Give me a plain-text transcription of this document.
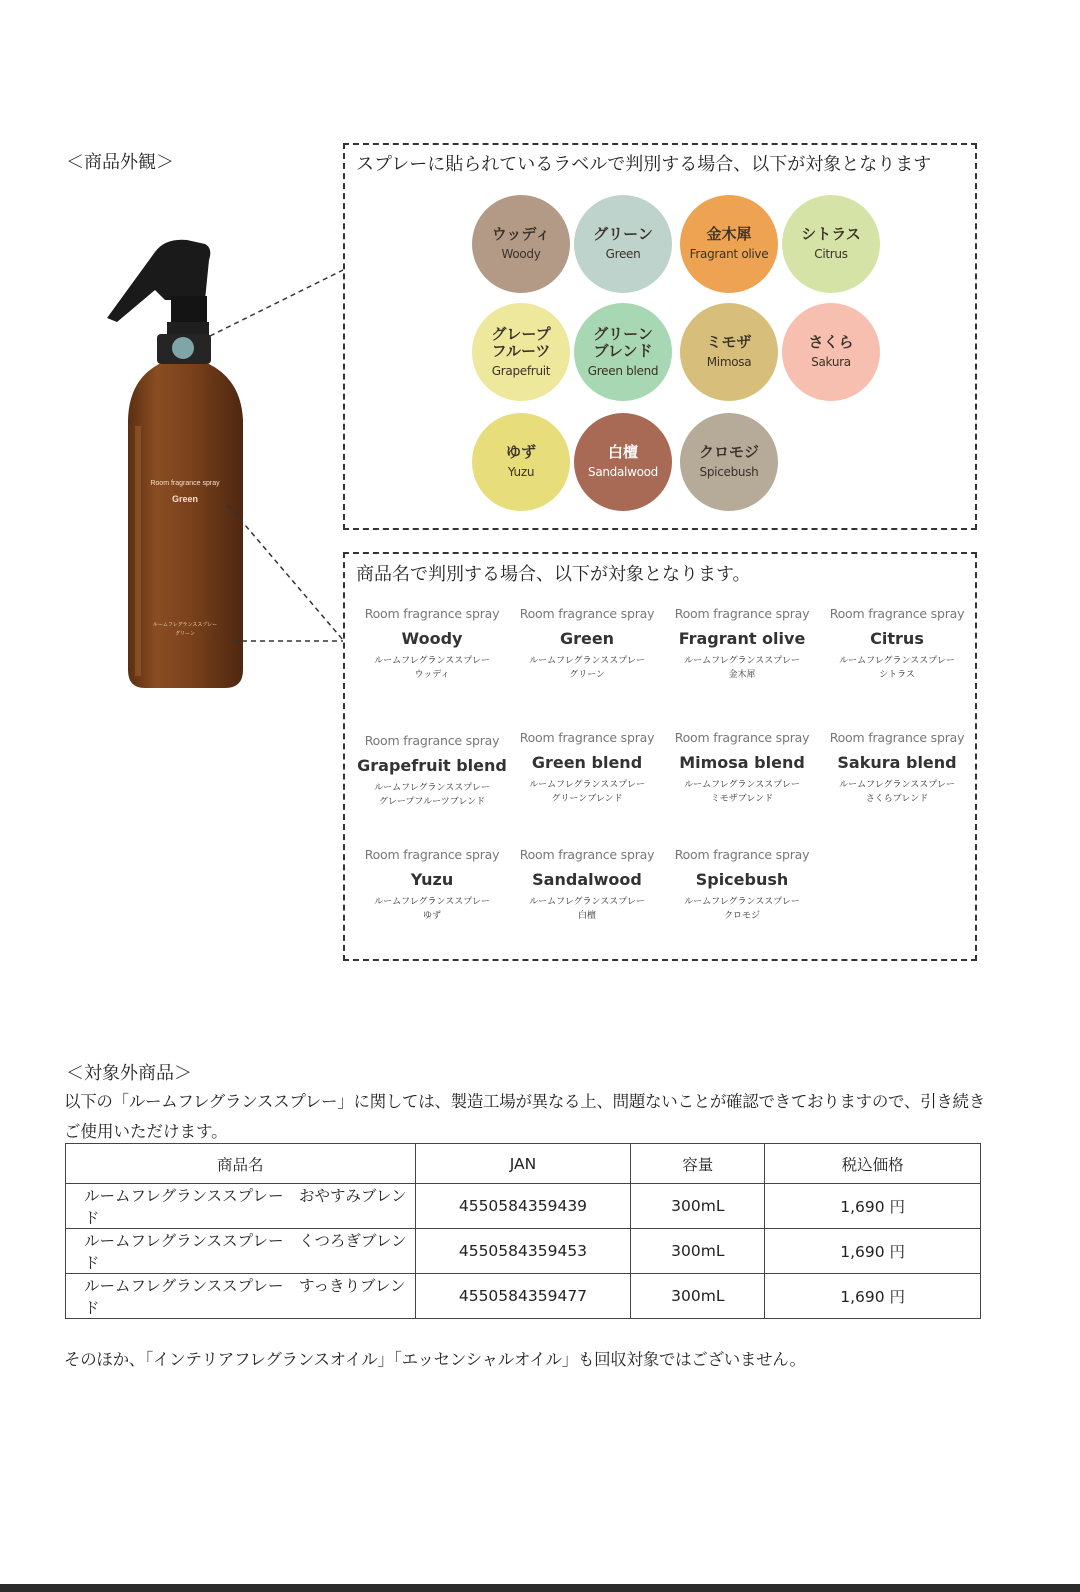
＜商品外観＞
Room fragrance spray
Green
ルームフレグランススプレー
グリーン
スプレーに貼られているラベルで判別する場合、以下が対象となります
ウッディ
Woody
グリーン
Green
金木犀
Fragrant olive
シトラス
Citrus
グレープ
フルーツ
Grapefruit
グリーン
ブレンド
Green blend
ミモザ
Mimosa
さくら
Sakura
ゆず
Yuzu
白檀
Sandalwood
クロモジ
Spicebush
商品名で判別する場合、以下が対象となります。
Room fragrance spray
Woody
ルームフレグランススプレー
ウッディ
Room fragrance spray
Green
ルームフレグランススプレー
グリーン
Room fragrance spray
Fragrant olive
ルームフレグランススプレー
金木犀
Room fragrance spray
Citrus
ルームフレグランススプレー
シトラス
Room fragrance spray
Grapefruit blend
ルームフレグランススプレー
グレープフルーツブレンド
Room fragrance spray
Green blend
ルームフレグランススプレー
グリーンブレンド
Room fragrance spray
Mimosa blend
ルームフレグランススプレー
ミモザブレンド
Room fragrance spray
Sakura blend
ルームフレグランススプレー
さくらブレンド
Room fragrance spray
Yuzu
ルームフレグランススプレー
ゆず
Room fragrance spray
Sandalwood
ルームフレグランススプレー
白檀
Room fragrance spray
Spicebush
ルームフレグランススプレー
クロモジ
＜対象外商品＞
以下の「ルームフレグランススプレー」に関しては、製造工場が異なる上、問題ないことが確認できておりますので、引き続き
ご使用いただけます。
商品名	JAN	容量	税込価格
ルームフレグランススプレー　おやすみブレンド	4550584359439	300mL	1,690 円
ルームフレグランススプレー　くつろぎブレンド	4550584359453	300mL	1,690 円
ルームフレグランススプレー　すっきりブレンド	4550584359477	300mL	1,690 円
そのほか、「インテリアフレグランスオイル」「エッセンシャルオイル」も回収対象ではございません。
